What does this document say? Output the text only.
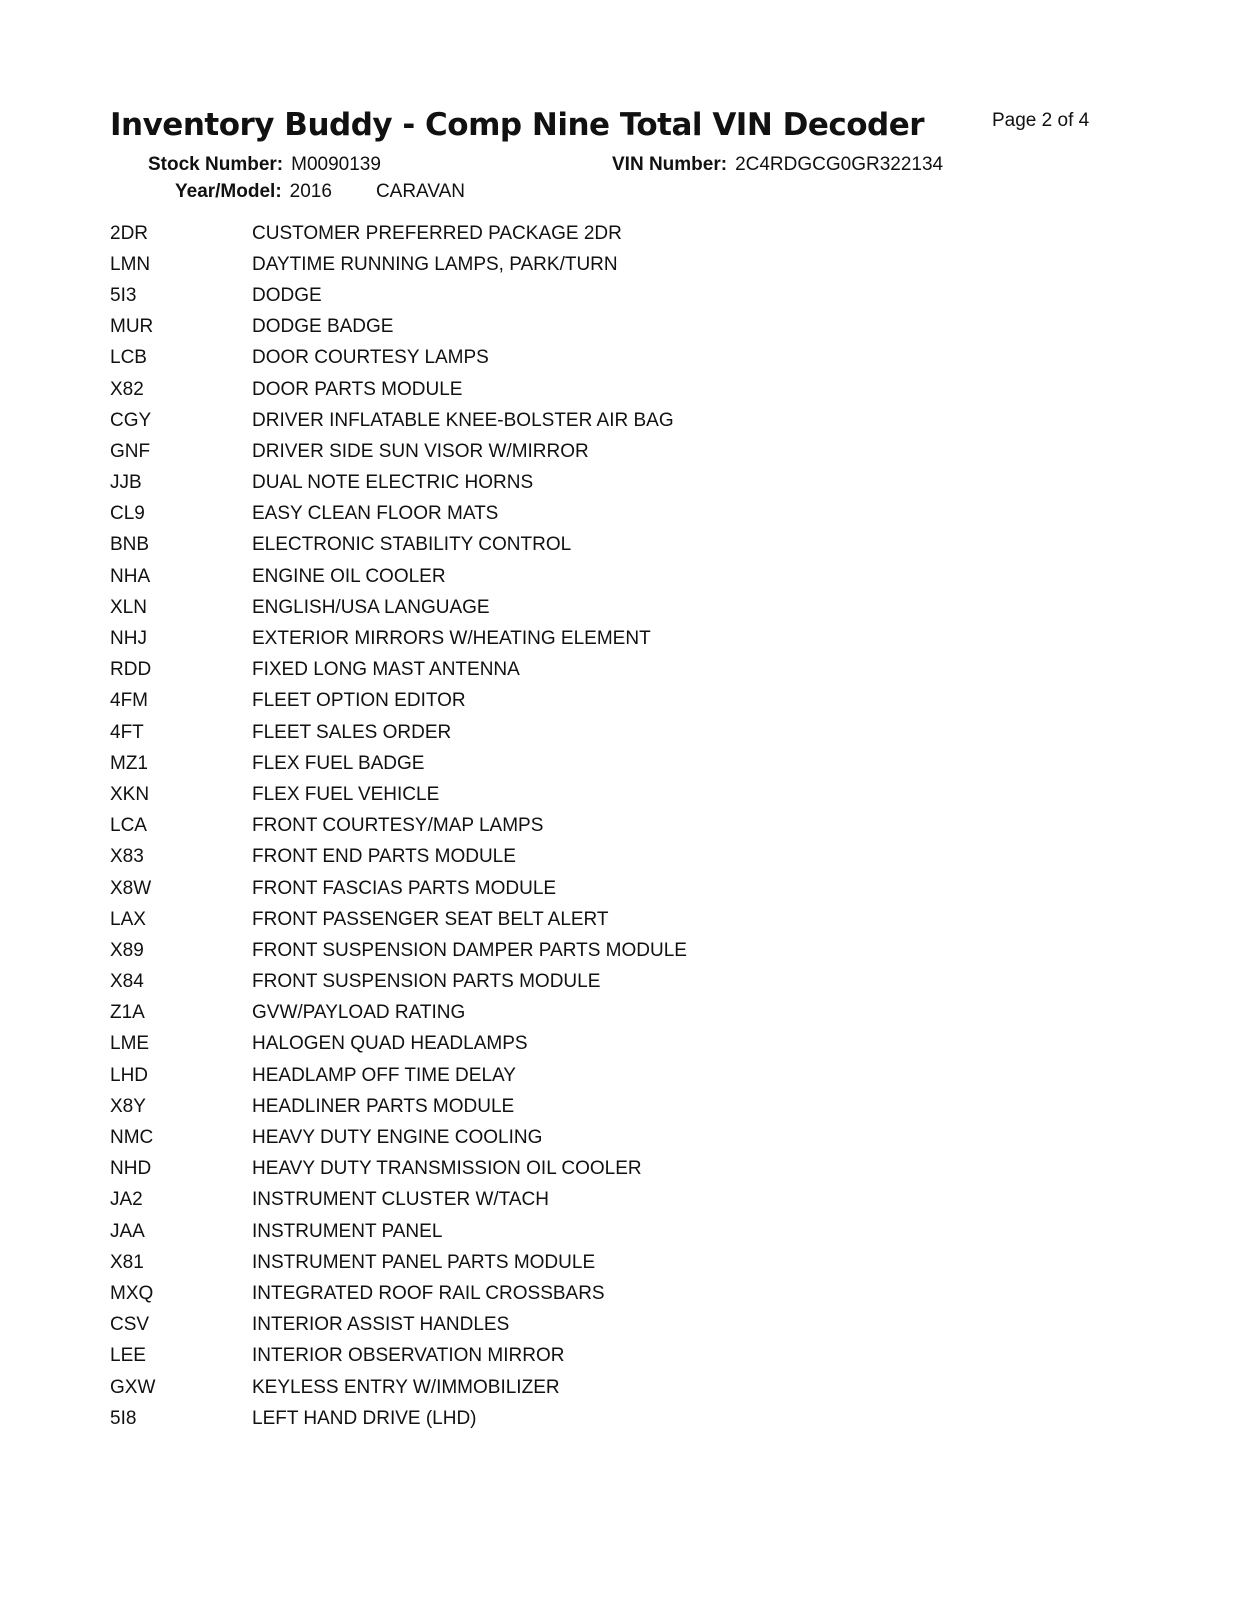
Inventory Buddy - Comp Nine Total VIN Decoder	Page 2 of 4
Stock Number: M0090139	VIN Number: 2C4RDGCG0GR322134
Year/Model: 2016 CARAVAN
2DR	CUSTOMER PREFERRED PACKAGE 2DR
LMN	DAYTIME RUNNING LAMPS, PARK/TURN
5I3	DODGE
MUR	DODGE BADGE
LCB	DOOR COURTESY LAMPS
X82	DOOR PARTS MODULE
CGY	DRIVER INFLATABLE KNEE-BOLSTER AIR BAG
GNF	DRIVER SIDE SUN VISOR W/MIRROR
JJB	DUAL NOTE ELECTRIC HORNS
CL9	EASY CLEAN FLOOR MATS
BNB	ELECTRONIC STABILITY CONTROL
NHA	ENGINE OIL COOLER
XLN	ENGLISH/USA LANGUAGE
NHJ	EXTERIOR MIRRORS W/HEATING ELEMENT
RDD	FIXED LONG MAST ANTENNA
4FM	FLEET OPTION EDITOR
4FT	FLEET SALES ORDER
MZ1	FLEX FUEL BADGE
XKN	FLEX FUEL VEHICLE
LCA	FRONT COURTESY/MAP LAMPS
X83	FRONT END PARTS MODULE
X8W	FRONT FASCIAS PARTS MODULE
LAX	FRONT PASSENGER SEAT BELT ALERT
X89	FRONT SUSPENSION DAMPER PARTS MODULE
X84	FRONT SUSPENSION PARTS MODULE
Z1A	GVW/PAYLOAD RATING
LME	HALOGEN QUAD HEADLAMPS
LHD	HEADLAMP OFF TIME DELAY
X8Y	HEADLINER PARTS MODULE
NMC	HEAVY DUTY ENGINE COOLING
NHD	HEAVY DUTY TRANSMISSION OIL COOLER
JA2	INSTRUMENT CLUSTER W/TACH
JAA	INSTRUMENT PANEL
X81	INSTRUMENT PANEL PARTS MODULE
MXQ	INTEGRATED ROOF RAIL CROSSBARS
CSV	INTERIOR ASSIST HANDLES
LEE	INTERIOR OBSERVATION MIRROR
GXW	KEYLESS ENTRY W/IMMOBILIZER
5I8	LEFT HAND DRIVE (LHD)
